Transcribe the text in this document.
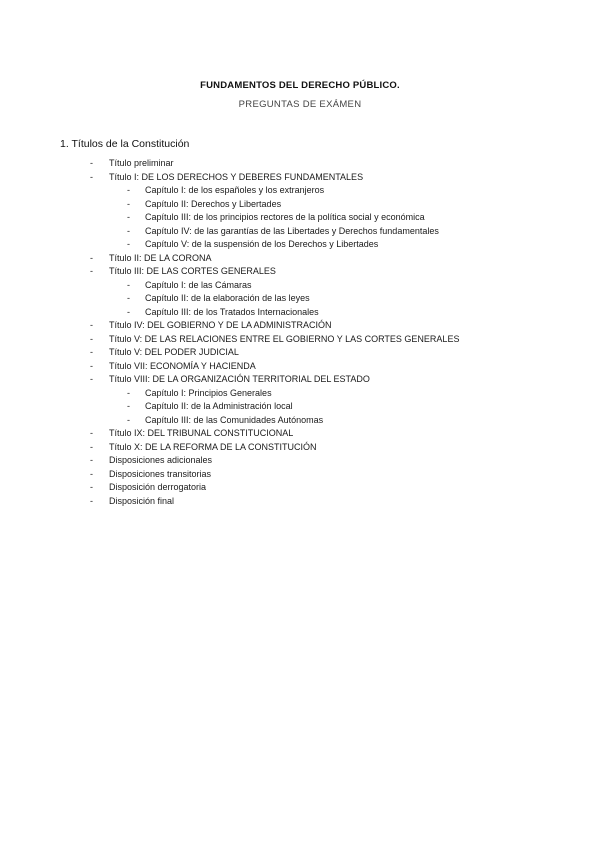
FUNDAMENTOS DEL DERECHO PÚBLICO.
PREGUNTAS DE EXÁMEN
1. Títulos de la Constitución
- Título preliminar
- Título I: DE LOS DERECHOS Y DEBERES FUNDAMENTALES
- Capítulo I: de los españoles y los extranjeros
- Capítulo II: Derechos y Libertades
- Capítulo III: de los principios rectores de la política social y económica
- Capítulo IV: de las garantías de las Libertades y Derechos fundamentales
- Capítulo V: de la suspensión de los Derechos y Libertades
- Título II: DE LA CORONA
- Título III: DE LAS CORTES GENERALES
- Capítulo I: de las Cámaras
- Capítulo II: de la elaboración de las leyes
- Capítulo III: de los Tratados Internacionales
- Título IV: DEL GOBIERNO Y DE LA ADMINISTRACIÓN
- Título V: DE LAS RELACIONES ENTRE EL GOBIERNO Y LAS CORTES GENERALES
- Título V: DEL PODER JUDICIAL
- Título VII: ECONOMÍA Y HACIENDA
- Título VIII: DE LA ORGANIZACIÓN TERRITORIAL DEL ESTADO
- Capítulo I: Principios Generales
- Capítulo II: de la Administración local
- Capítulo III: de las Comunidades Autónomas
- Título IX: DEL TRIBUNAL CONSTITUCIONAL
- Título X: DE LA REFORMA DE LA CONSTITUCIÓN
- Disposiciones adicionales
- Disposiciones transitorias
- Disposición derrogatoria
- Disposición final
